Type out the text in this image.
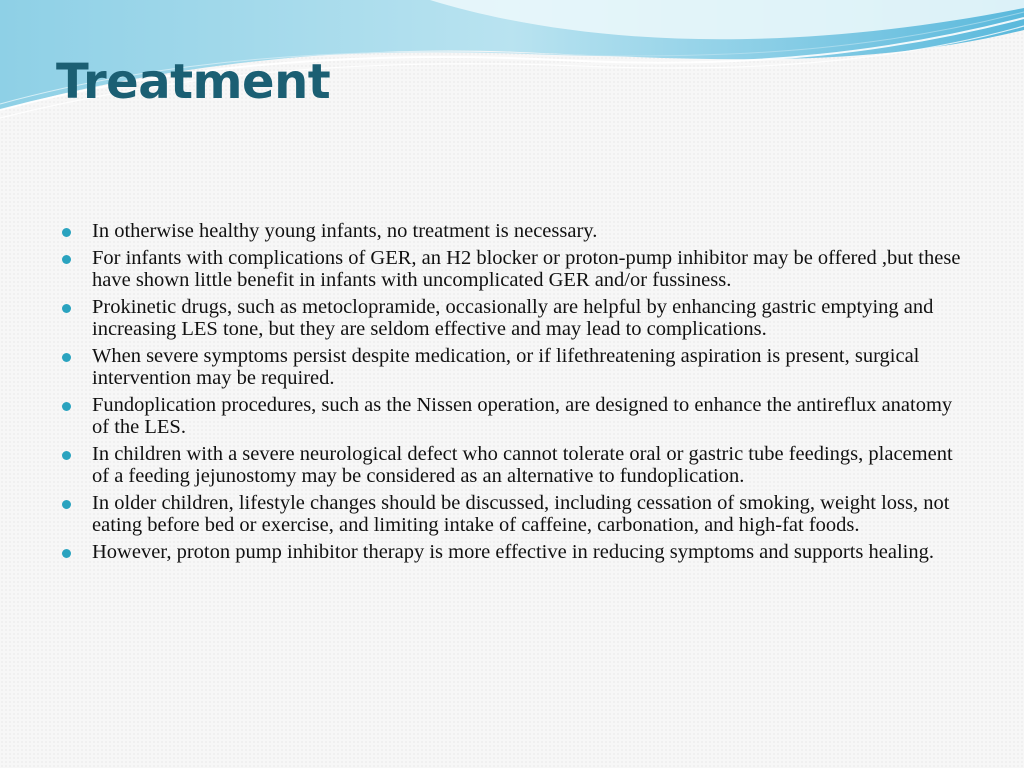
Treatment
In otherwise healthy young infants, no treatment is necessary.
For infants with complications of GER, an H2 blocker or proton-pump inhibitor may be offered ,but these have shown little benefit in infants with uncomplicated GER and/or fussiness.
Prokinetic drugs, such as metoclopramide, occasionally are helpful by enhancing gastric emptying and increasing LES tone, but they are seldom effective and may lead to complications.
When severe symptoms persist despite medication, or if lifethreatening aspiration is present, surgical intervention may be required.
Fundoplication procedures, such as the Nissen operation, are designed to enhance the antireflux anatomy of the LES.
In children with a severe neurological defect who cannot tolerate oral or gastric tube feedings, placement of a feeding jejunostomy may be considered as an alternative to fundoplication.
In older children, lifestyle changes should be discussed, including cessation of smoking, weight loss, not eating before bed or exercise, and limiting intake of caffeine, carbonation, and high-fat foods.
However, proton pump inhibitor therapy is more effective in reducing symptoms and supports healing.
